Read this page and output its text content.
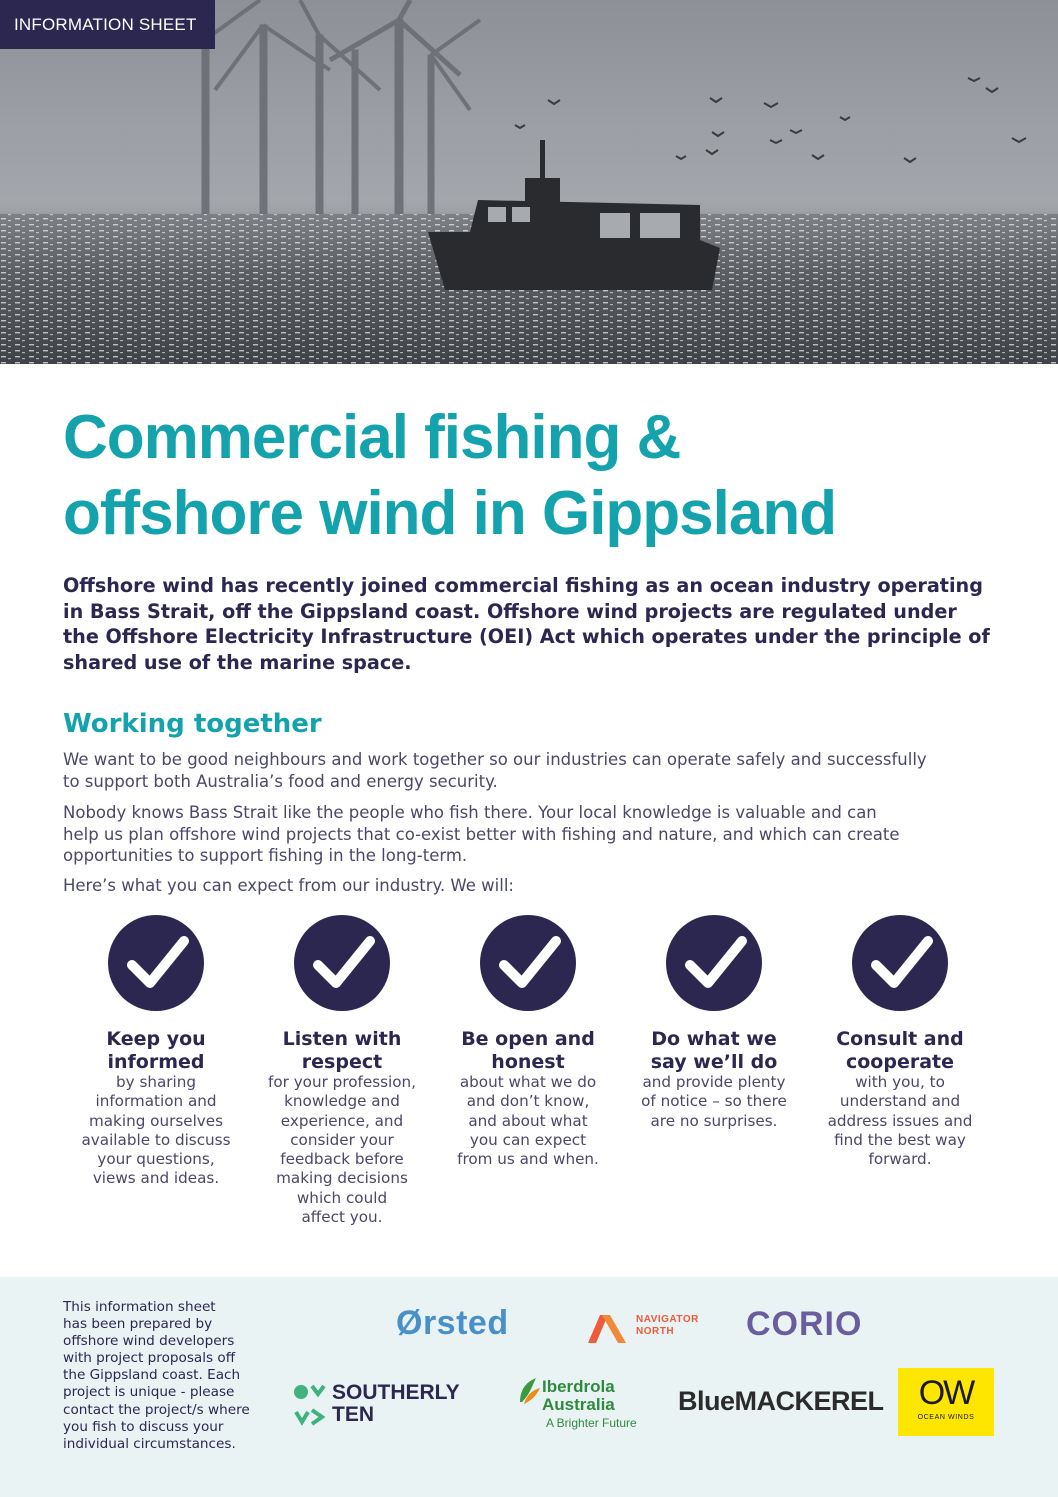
INFORMATION SHEET
Commercial fishing &
offshore wind in Gippsland

Offshore wind has recently joined commercial fishing as an ocean industry operating
in Bass Strait, off the Gippsland coast. Offshore wind projects are regulated under
the Offshore Electricity Infrastructure (OEI) Act which operates under the principle of
shared use of the marine space.

Working together

We want to be good neighbours and work together so our industries can operate safely and successfully
to support both Australia’s food and energy security.

Nobody knows Bass Strait like the people who fish there. Your local knowledge is valuable and can
help us plan offshore wind projects that co-exist better with fishing and nature, and which can create
opportunities to support fishing in the long-term.

Here’s what you can expect from our industry. We will:

Keep you
informed
by sharing
information and
making ourselves
available to discuss
your questions,
views and ideas.
Listen with
respect
for your profession,
knowledge and
experience, and
consider your
feedback before
making decisions
which could
affect you.
Be open and
honest
about what we do
and don’t know,
and about what
you can expect
from us and when.
Do what we
say we’ll do
and provide plenty
of notice – so there
are no surprises.
Consult and
cooperate
with you, to
understand and
address issues and
find the best way
forward.

This information sheet
has been prepared by
offshore wind developers
with project proposals off
the Gippsland coast. Each
project is unique - please
contact the project/s where
you fish to discuss your
individual circumstances.

Ørsted	NAVIGATOR
NORTH	CORIO
SOUTHERLY
TEN
Iberdrola
Australia
A Brighter Future
BlueMACKEREL	OW
OCEAN WINDS
